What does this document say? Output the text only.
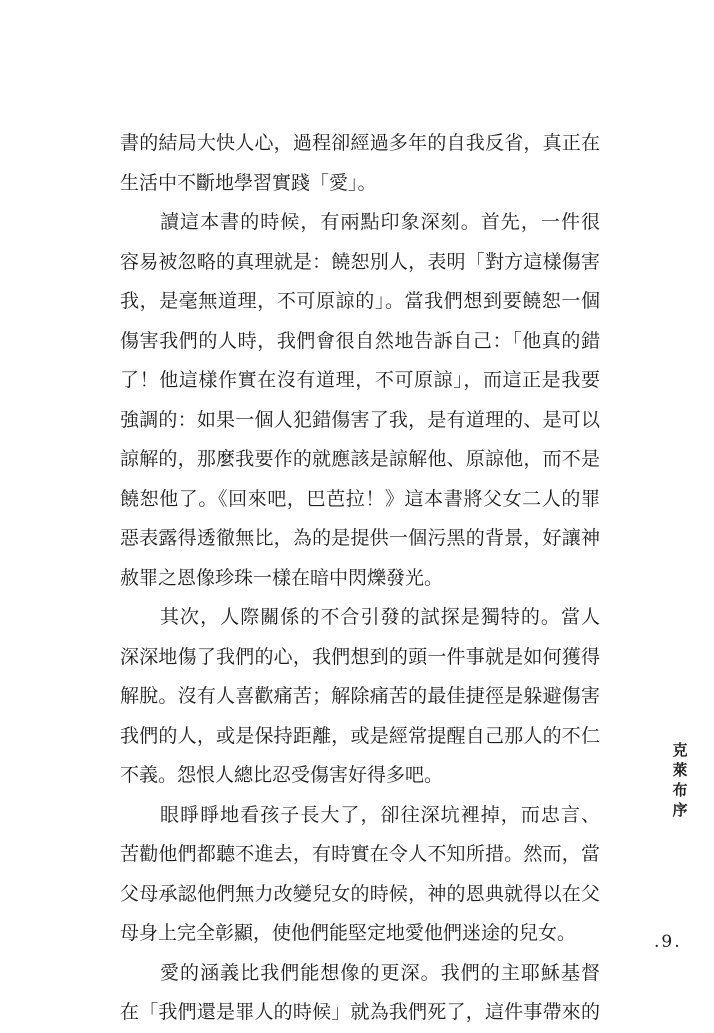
書的結局大快人心，過程卻經過多年的自我反省，真正在
生活中不斷地學習實踐「愛」。
讀這本書的時候，有兩點印象深刻。首先，一件很
容易被忽略的真理就是：饒恕別人，表明「對方這樣傷害
我，是毫無道理，不可原諒的」。當我們想到要饒恕一個
傷害我們的人時，我們會很自然地告訴自己：「他真的錯
了！他這樣作實在沒有道理，不可原諒」，而這正是我要
強調的：如果一個人犯錯傷害了我，是有道理的、是可以
諒解的，那麼我要作的就應該是諒解他、原諒他，而不是
饒恕他了。《回來吧，巴芭拉！》這本書將父女二人的罪
惡表露得透徹無比，為的是提供一個污黑的背景，好讓神
赦罪之恩像珍珠一樣在暗中閃爍發光。
其次，人際關係的不合引發的試探是獨特的。當人
深深地傷了我們的心，我們想到的頭一件事就是如何獲得
解脫。沒有人喜歡痛苦；解除痛苦的最佳捷徑是躲避傷害
我們的人，或是保持距離，或是經常提醒自己那人的不仁
不義。怨恨人總比忍受傷害好得多吧。
眼睜睜地看孩子長大了，卻往深坑裡掉，而忠言、
苦勸他們都聽不進去，有時實在令人不知所措。然而，當
父母承認他們無力改變兒女的時候，神的恩典就得以在父
母身上完全彰顯，使他們能堅定地愛他們迷途的兒女。
愛的涵義比我們能想像的更深。我們的主耶穌基督
在「我們還是罪人的時候」就為我們死了，這件事帶來的
克
萊
布
序
.9.
